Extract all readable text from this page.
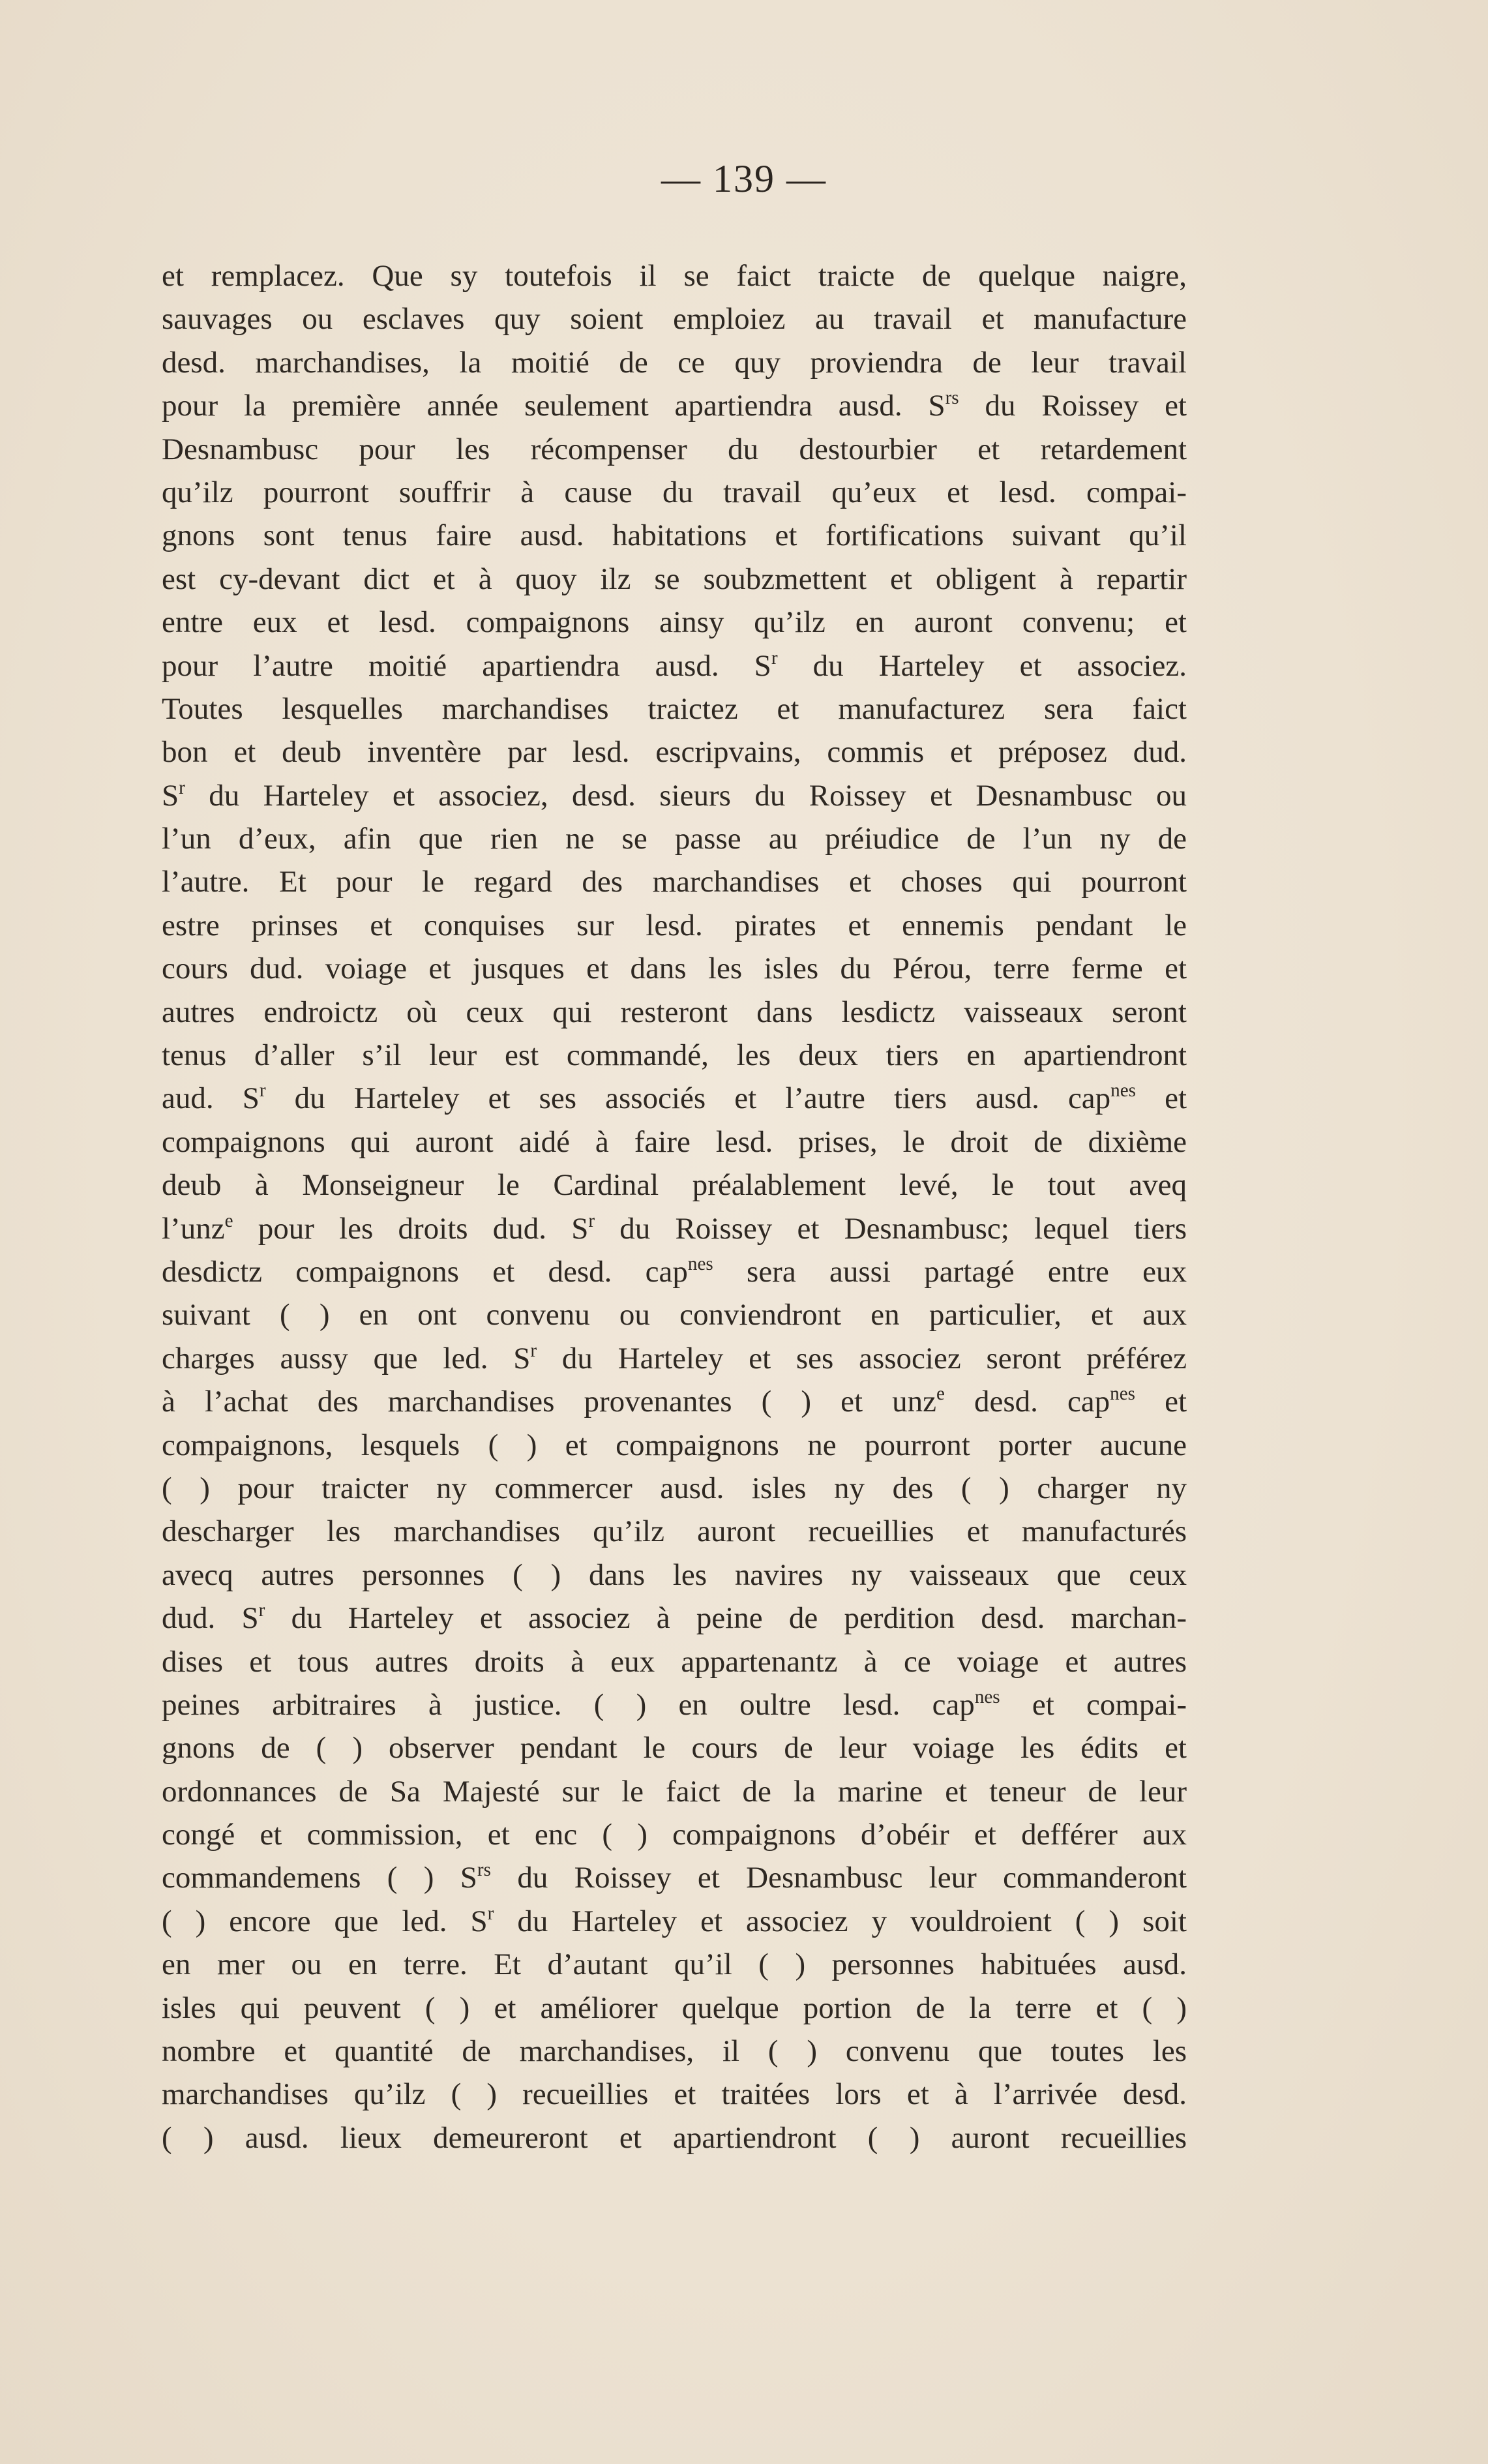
— 139 —
et remplacez. Que sy toutefois il se faict traicte de quelque naigre,
sauvages ou esclaves quy soient emploiez au travail et manufacture
desd. marchandises, la moitié de ce quy proviendra de leur travail
pour la première année seulement apartiendra ausd. $S^{rs}$ du Roissey et
Desnambusc pour les récompenser du destourbier et retardement
qu’ilz pourront souffrir à cause du travail qu’eux et lesd. compai-
gnons sont tenus faire ausd. habitations et fortifications suivant qu’il
est cy-devant dict et à quoy ilz se soubzmettent et obligent à repartir
entre eux et lesd. compaignons ainsy qu’ilz en auront convenu; et
pour l’autre moitié apartiendra ausd. $S^r$ du Harteley et associez.
Toutes lesquelles marchandises traictez et manufacturez sera faict
bon et deub inventère par lesd. escripvains, commis et préposez dud.
$S^r$ du Harteley et associez, desd. sieurs du Roissey et Desnambusc ou
l’un d’eux, afin que rien ne se passe au préiudice de l’un ny de
l’autre. Et pour le regard des marchandises et choses qui pourront
estre prinses et conquises sur lesd. pirates et ennemis pendant le
cours dud. voiage et jusques et dans les isles du Pérou, terre ferme et
autres endroictz où ceux qui resteront dans lesdictz vaisseaux seront
tenus d’aller s’il leur est commandé, les deux tiers en apartiendront
aud. $S^r$ du Harteley et ses associés et l’autre tiers ausd. cap$^{nes}$ et
compaignons qui auront aidé à faire lesd. prises, le droit de dixième
deub à Monseigneur le Cardinal préalablement levé, le tout aveq
l’unz$^e$ pour les droits dud. $S^r$ du Roissey et Desnambusc; lequel tiers
desdictz compaignons et desd. cap$^{nes}$ sera aussi partagé entre eux
suivant ( ) en ont convenu ou conviendront en particulier, et aux
charges aussy que led. $S^r$ du Harteley et ses associez seront préférez
à l’achat des marchandises provenantes ( ) et unz$^e$ desd. cap$^{nes}$ et
compaignons, lesquels ( ) et compaignons ne pourront porter aucune
( ) pour traicter ny commercer ausd. isles ny des ( ) charger ny
descharger les marchandises qu’ilz auront recueillies et manufacturés
avecq autres personnes ( ) dans les navires ny vaisseaux que ceux
dud. $S^r$ du Harteley et associez à peine de perdition desd. marchan-
dises et tous autres droits à eux appartenantz à ce voiage et autres
peines arbitraires à justice. ( ) en oultre lesd. cap$^{nes}$ et compai-
gnons de ( ) observer pendant le cours de leur voiage les édits et
ordonnances de Sa Majesté sur le faict de la marine et teneur de leur
congé et commission, et enc ( ) compaignons d’obéir et defférer aux
commandemens ( ) $S^{rs}$ du Roissey et Desnambusc leur commanderont
( ) encore que led. $S^r$ du Harteley et associez y vouldroient ( ) soit
en mer ou en terre. Et d’autant qu’il ( ) personnes habituées ausd.
isles qui peuvent ( ) et améliorer quelque portion de la terre et ( )
nombre et quantité de marchandises, il ( ) convenu que toutes les
marchandises qu’ilz ( ) recueillies et traitées lors et à l’arrivée desd.
( ) ausd. lieux demeureront et apartiendront ( ) auront recueillies
